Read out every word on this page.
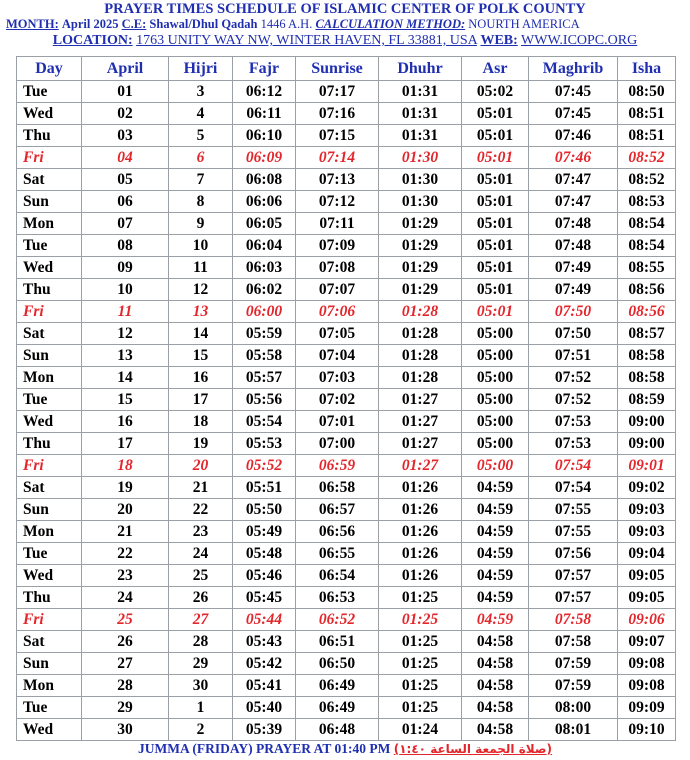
PRAYER TIMES SCHEDULE OF ISLAMIC CENTER OF POLK COUNTY
MONTH: April 2025 C.E: Shawal/Dhul Qadah 1446 A.H. CALCULATION METHOD: NOURTH AMERICA
LOCATION: 1763 UNITY WAY NW, WINTER HAVEN, FL 33881, USA WEB: WWW.ICOPC.ORG
Day	April	Hijri	Fajr	Sunrise	Dhuhr	Asr	Maghrib	Isha
Tue	01	3	06:12	07:17	01:31	05:02	07:45	08:50
Wed	02	4	06:11	07:16	01:31	05:01	07:45	08:51
Thu	03	5	06:10	07:15	01:31	05:01	07:46	08:51
Fri	04	6	06:09	07:14	01:30	05:01	07:46	08:52
Sat	05	7	06:08	07:13	01:30	05:01	07:47	08:52
Sun	06	8	06:06	07:12	01:30	05:01	07:47	08:53
Mon	07	9	06:05	07:11	01:29	05:01	07:48	08:54
Tue	08	10	06:04	07:09	01:29	05:01	07:48	08:54
Wed	09	11	06:03	07:08	01:29	05:01	07:49	08:55
Thu	10	12	06:02	07:07	01:29	05:01	07:49	08:56
Fri	11	13	06:00	07:06	01:28	05:01	07:50	08:56
Sat	12	14	05:59	07:05	01:28	05:00	07:50	08:57
Sun	13	15	05:58	07:04	01:28	05:00	07:51	08:58
Mon	14	16	05:57	07:03	01:28	05:00	07:52	08:58
Tue	15	17	05:56	07:02	01:27	05:00	07:52	08:59
Wed	16	18	05:54	07:01	01:27	05:00	07:53	09:00
Thu	17	19	05:53	07:00	01:27	05:00	07:53	09:00
Fri	18	20	05:52	06:59	01:27	05:00	07:54	09:01
Sat	19	21	05:51	06:58	01:26	04:59	07:54	09:02
Sun	20	22	05:50	06:57	01:26	04:59	07:55	09:03
Mon	21	23	05:49	06:56	01:26	04:59	07:55	09:03
Tue	22	24	05:48	06:55	01:26	04:59	07:56	09:04
Wed	23	25	05:46	06:54	01:26	04:59	07:57	09:05
Thu	24	26	05:45	06:53	01:25	04:59	07:57	09:05
Fri	25	27	05:44	06:52	01:25	04:59	07:58	09:06
Sat	26	28	05:43	06:51	01:25	04:58	07:58	09:07
Sun	27	29	05:42	06:50	01:25	04:58	07:59	09:08
Mon	28	30	05:41	06:49	01:25	04:58	07:59	09:08
Tue	29	1	05:40	06:49	01:25	04:58	08:00	09:09
Wed	30	2	05:39	06:48	01:24	04:58	08:01	09:10
JUMMA (FRIDAY) PRAYER AT 01:40 PM (صلاة الجمعة الساعة ١:٤٠)
